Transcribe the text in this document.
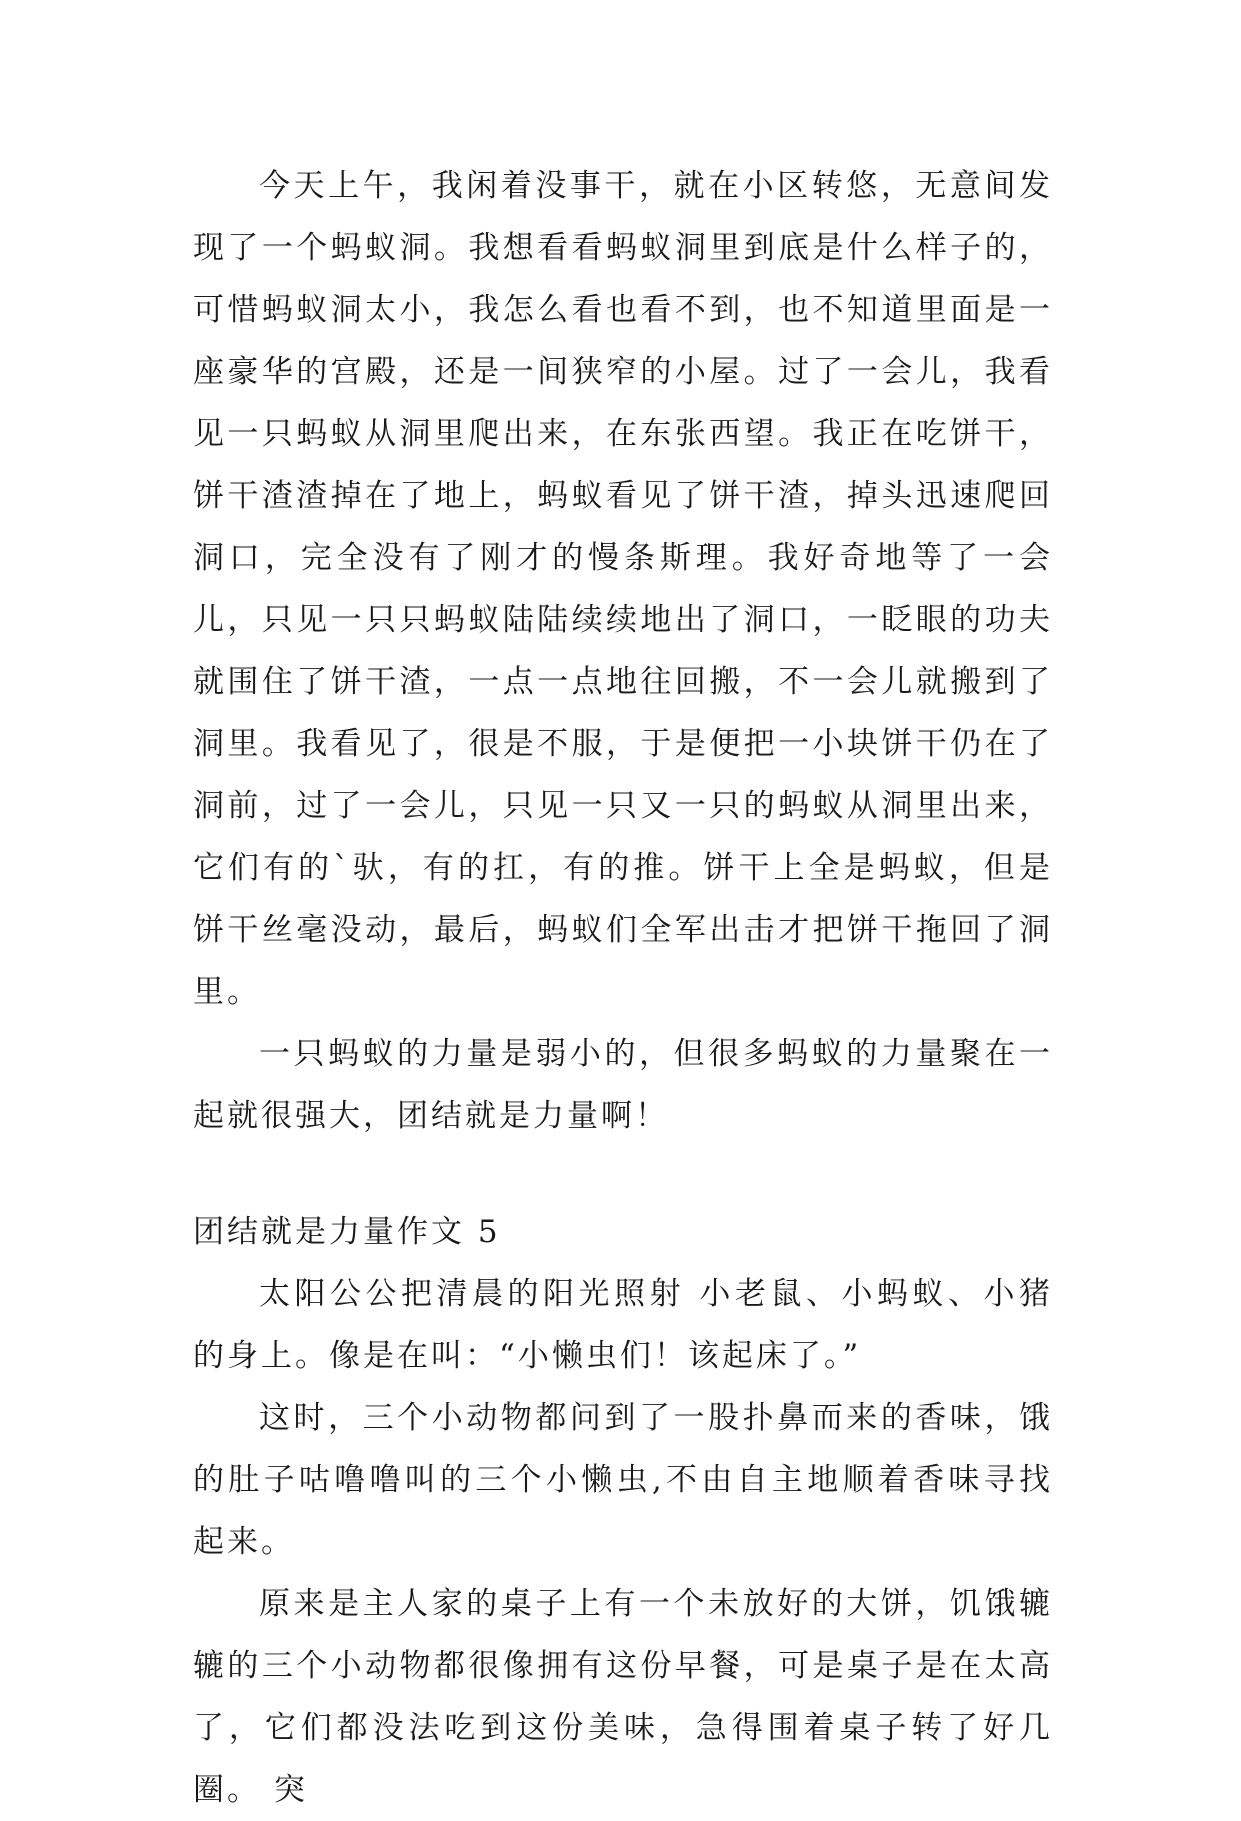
今天上午，我闲着没事干，就在小区转悠，无意间发现了一个蚂蚁洞。我想看看蚂蚁洞里到底是什么样子的，可惜蚂蚁洞太小，我怎么看也看不到，也不知道里面是一座豪华的宫殿，还是一间狭窄的小屋。过了一会儿，我看见一只蚂蚁从洞里爬出来，在东张西望。我正在吃饼干，饼干渣渣掉在了地上，蚂蚁看见了饼干渣，掉头迅速爬回洞口，完全没有了刚才的慢条斯理。我好奇地等了一会儿，只见一只只蚂蚁陆陆续续地出了洞口，一眨眼的功夫就围住了饼干渣，一点一点地往回搬，不一会儿就搬到了洞里。我看见了，很是不服，于是便把一小块饼干仍在了洞前，过了一会儿，只见一只又一只的蚂蚁从洞里出来，它们有的`驮，有的扛，有的推。饼干上全是蚂蚁，但是饼干丝毫没动，最后，蚂蚁们全军出击才把饼干拖回了洞里。

一只蚂蚁的力量是弱小的，但很多蚂蚁的力量聚在一起就很强大，团结就是力量啊！

团结就是力量作文 5

太阳公公把清晨的阳光照射 小老鼠、小蚂蚁、小猪的身上。像是在叫：“小懒虫们！该起床了。”

这时，三个小动物都问到了一股扑鼻而来的香味，饿的肚子咕噜噜叫的三个小懒虫,不由自主地顺着香味寻找起来。

原来是主人家的桌子上有一个未放好的大饼，饥饿辘辘的三个小动物都很像拥有这份早餐，可是桌子是在太高了，它们都没法吃到这份美味，急得围着桌子转了好几圈。 突
